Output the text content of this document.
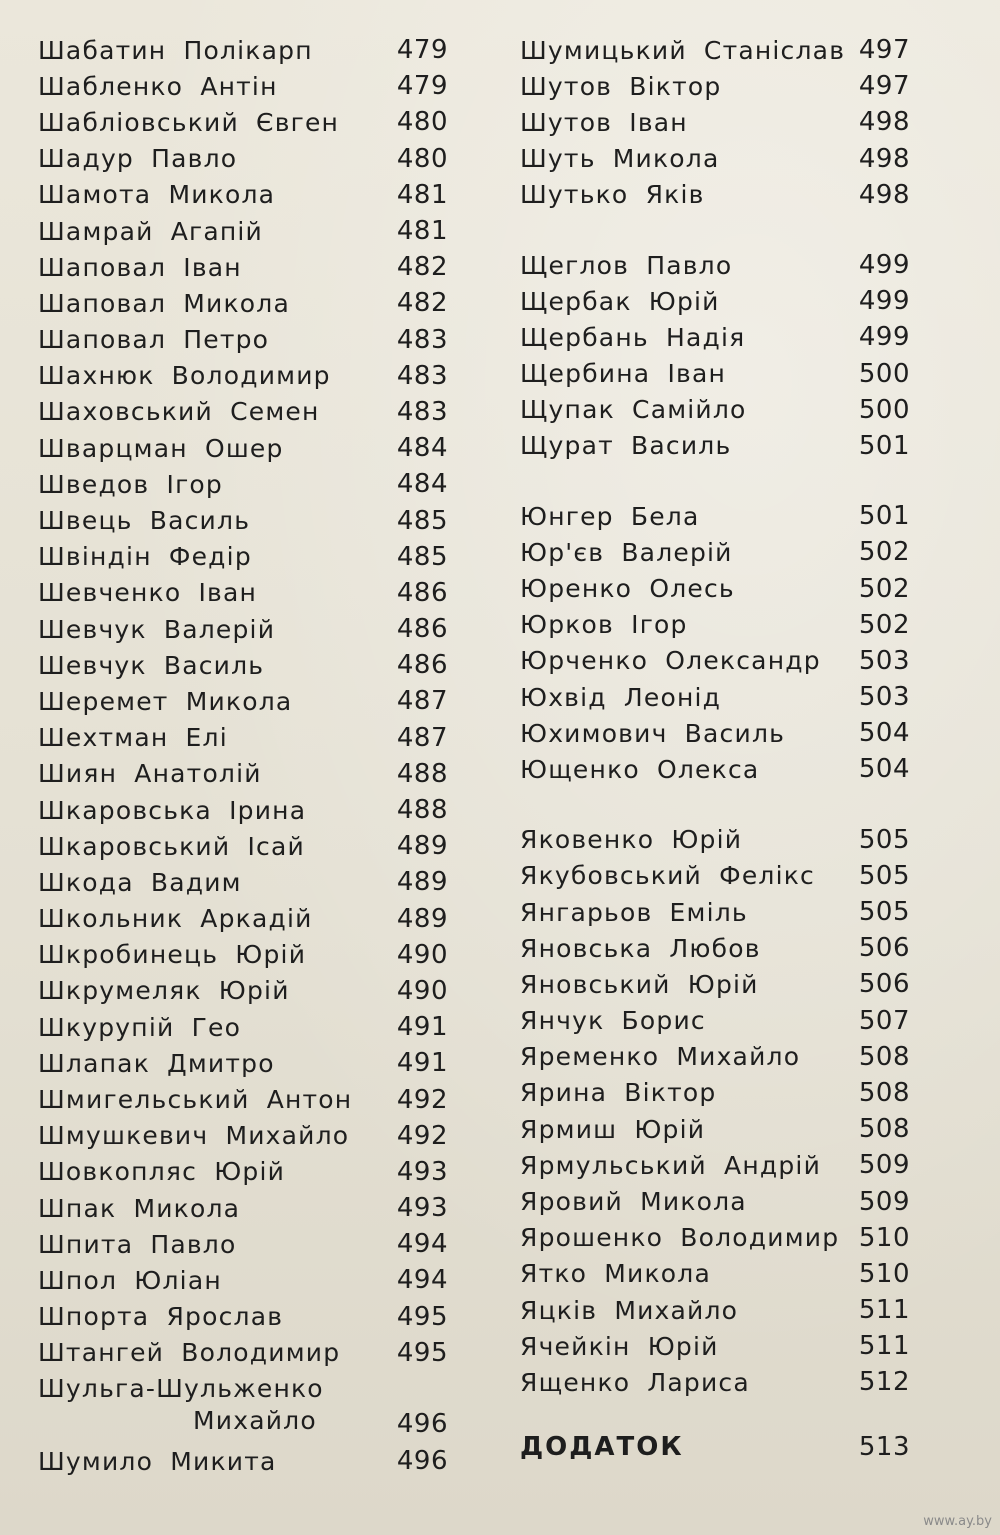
Шабатин Полікарп	479
Шабленко Антін	479
Шабліовський Євген 480
Шадур Павло	480
Шамота Микола	481
Шамрай Агапій	481
Шаповал Іван	482
Шаповал Микола	482
Шаповал Петро	483
Шахнюк Володимир	483
Шаховський Семен	483
Шварцман Ошер	484
Шведов Ігор	484
Швець Василь	485
Швіндін Федір	485
Шевченко Іван	486
Шевчук Валерій	486
Шевчук Василь	486
Шеремет Микола	487
Шехтман Елі	487
Шиян Анатолій	488
Шкаровська Ірина	488
Шкаровський Ісай	489
Шкода Вадим	489
Школьник Аркадій	489
Шкробинець Юрій	490
Шкрумеляк Юрій	490
Шкурупій Гео	491
Шлапак Дмитро	491
Шмигельський Антон 492
Шмушкевич Михайло 492
Шовкопляс Юрій	493
Шпак Микола	493
Шпита Павло	494
Шпол Юліан	494
Шпорта Ярослав	495
Штангей Володимир 495
Шульга-Шульженко
Михайло	496
Шумило Микита	496
Шумицький Станіслав 497
Шутов Віктор	497
Шутов Іван	498
Шуть Микола	498
Шутько Яків	498
Щеглов Павло	499
Щербак Юрій	499
Щербань Надія	499
Щербина Іван	500
Щупак Самійло	500
Щурат Василь	501
Юнгер Бела	501
Юр'єв Валерій	502
Юренко Олесь	502
Юрков Ігор	502
Юрченко Олександр 503
Юхвід Леонід	503
Юхимович Василь	504
Ющенко Олекса	504
Яковенко Юрій	505
Якубовський Фелікс 505
Янгарьов Еміль	505
Яновська Любов	506
Яновський Юрій	506
Янчук Борис	507
Яременко Михайло 508
Ярина Віктор	508
Ярмиш Юрій	508
Ярмульський Андрій 509
Яровий Микола	509
Ярошенко Володимир 510
Ятко Микола	510
Яцків Михайло	511
Ячейкін Юрій	511
Ященко Лариса	512
ДОДАТОК	513
www.ay.by
